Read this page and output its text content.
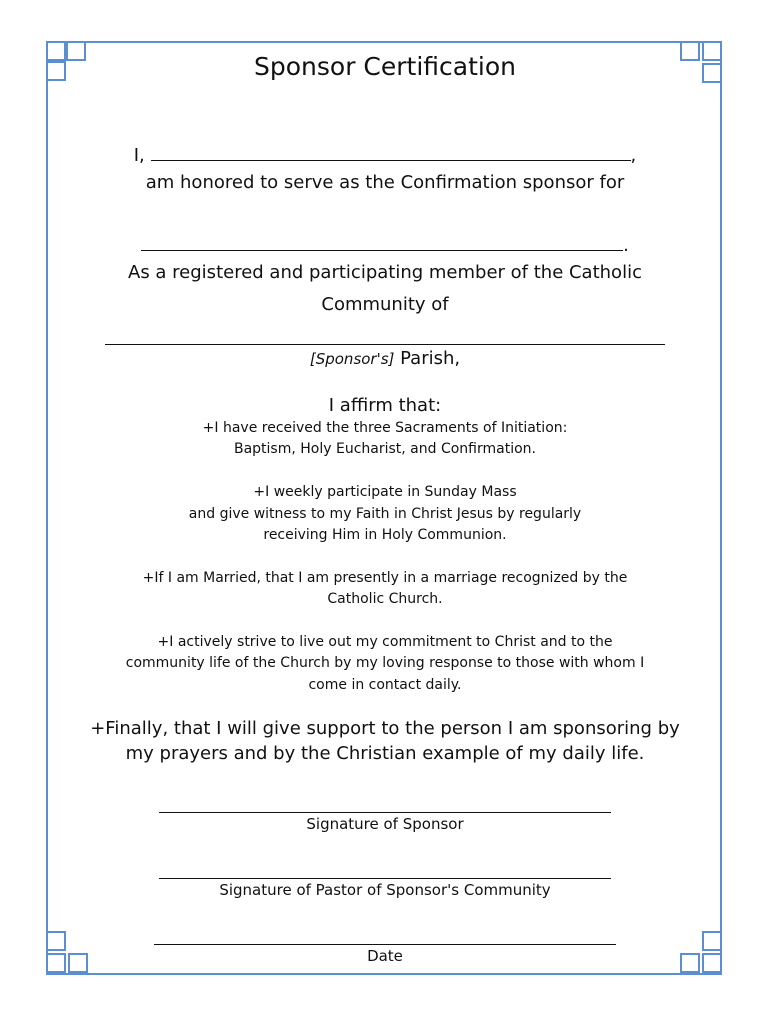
Sponsor Certification
I,	,
am honored to serve as the Confirmation sponsor for
.
As a registered and participating member of the Catholic
Community of
[Sponsor's] Parish,
I affirm that:
+I have received the three Sacraments of Initiation:
Baptism, Holy Eucharist, and Confirmation.
+I weekly participate in Sunday Mass
and give witness to my Faith in Christ Jesus by regularly
receiving Him in Holy Communion.
+If I am Married, that I am presently in a marriage recognized by the
Catholic Church.
+I actively strive to live out my commitment to Christ and to the
community life of the Church by my loving response to those with whom I
come in contact daily.
+Finally, that I will give support to the person I am sponsoring by
my prayers and by the Christian example of my daily life.
Signature of Sponsor
Signature of Pastor of Sponsor's Community
Date
